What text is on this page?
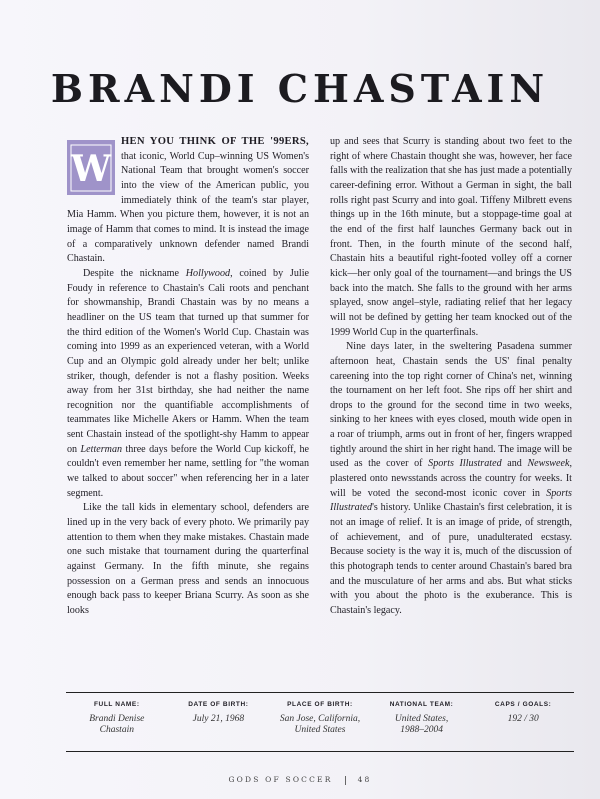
BRANDI CHASTAIN

W
HEN YOU THINK OF THE '99ERS, that iconic, World Cup–winning US Women's National Team that brought women's soccer into the view of the American public, you immediately think of the team's star player, Mia Hamm. When you picture them, however, it is not an image of Hamm that comes to mind. It is instead the image of a comparatively unknown defender named Brandi Chastain.

Despite the nickname Hollywood, coined by Julie Foudy in reference to Chastain's Cali roots and penchant for showmanship, Brandi Chastain was by no means a headliner on the US team that turned up that summer for the third edition of the Women's World Cup. Chastain was coming into 1999 as an experienced veteran, with a World Cup and an Olympic gold already under her belt; unlike striker, though, defender is not a flashy position. Weeks away from her 31st birthday, she had neither the name recognition nor the quantifiable accomplishments of teammates like Michelle Akers or Hamm. When the team sent Chastain instead of the spotlight-shy Hamm to appear on Letterman three days before the World Cup kickoff, he couldn't even remember her name, settling for "the woman we talked to about soccer" when referencing her in a later segment.

Like the tall kids in elementary school, defenders are lined up in the very back of every photo. We primarily pay attention to them when they make mistakes. Chastain made one such mistake that tournament during the quarterfinal against Germany. In the fifth minute, she regains possession on a German press and sends an innocuous enough back pass to keeper Briana Scurry. As soon as she looks

up and sees that Scurry is standing about two feet to the right of where Chastain thought she was, however, her face falls with the realization that she has just made a potentially career-defining error. Without a German in sight, the ball rolls right past Scurry and into goal. Tiffeny Milbrett evens things up in the 16th minute, but a stoppage-time goal at the end of the first half launches Germany back out in front. Then, in the fourth minute of the second half, Chastain hits a beautiful right-footed volley off a corner kick—her only goal of the tournament—and brings the US back into the match. She falls to the ground with her arms splayed, snow angel–style, radiating relief that her legacy will not be defined by getting her team knocked out of the 1999 World Cup in the quarterfinals.

Nine days later, in the sweltering Pasadena summer afternoon heat, Chastain sends the US' final penalty careening into the top right corner of China's net, winning the tournament on her left foot. She rips off her shirt and drops to the ground for the second time in two weeks, sinking to her knees with eyes closed, mouth wide open in a roar of triumph, arms out in front of her, fingers wrapped tightly around the shirt in her right hand. The image will be used as the cover of Sports Illustrated and Newsweek, plastered onto newsstands across the country for weeks. It will be voted the second-most iconic cover in Sports Illustrated's history. Unlike Chastain's first celebration, it is not an image of relief. It is an image of pride, of strength, of achievement, and of pure, unadulterated ecstasy. Because society is the way it is, much of the discussion of this photograph tends to center around Chastain's bared bra and the musculature of her arms and abs. But what sticks with you about the photo is the exuberance. This is Chastain's legacy.

FULL NAME:
Brandi Denise
Chastain
DATE OF BIRTH:
July 21, 1968
PLACE OF BIRTH:
San Jose, California,
United States
NATIONAL TEAM:
United States,
1988–2004
CAPS / GOALS:
192 / 30
GODS OF SOCCER	48
